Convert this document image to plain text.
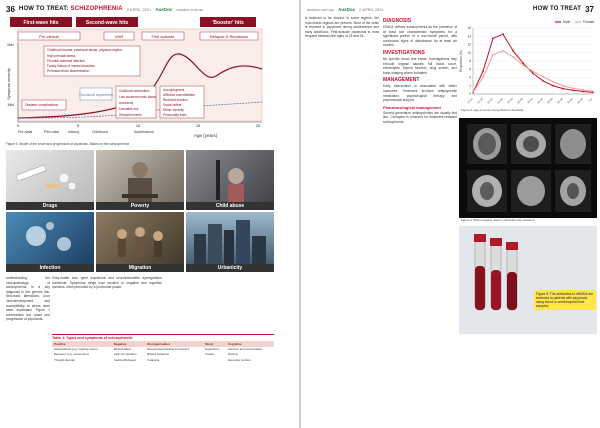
36 HOW TO TREAT: SCHIZOPHRENIA 2 APRIL 2021 AusDoc ausdoc.com.au
First-wave hits	Second-wave hits	'Booster' hits
Pre-clinical	UHR	First episode	Relapse & Remission
Symptom severity
Max
Mild
Childhood trauma, emotional abuse, physical neglect
High prenatal stress
Prenatal maternal infection
Family history of mental disorders
Perinatal ethnic discrimination
Obstetric complications
Functional impairment
Childhood adversities
Low socioeconomic status
Urbanicity
Cannabis use
Stressful events
Unemployment
Affective comorbidities
Reduced function
Social defeat
Ethnic minority
Personality traits
0	5	10	15	20
Pre-natal	Peri-natal	Infancy	Childhood	Adolescence
Age (years)
Figure 1: Model of the onset and progression of psychosis. Based on the schizophrenia
Drugs	Poverty	Child abuse
Infection	Migration	Urbanicity

understanding the neuropathology of schizophrenia in a key diagnosis is the genetic risk. Structural alterations, poor neurodevelopment and susceptibility to stress have been implicated. Figure 1 summarises the onset and progression of psychosis.

Grey-matter loss, gene expression and neurotransmitter dysregulation contribute. Symptoms range from positive to negative and cognitive domains, often preceded by a prodromal phase.

Table 1: Types and symptoms of schizophrenia
Positive	Negative	Disorganisation	Mood	Cognitive
Hallucinations (e.g. hearing voices)	Blunted affect	Disorganised thinking and speech	Depression	Attention and concentration
Delusions (e.g. persecutory)	Lack of motivation	Bizarre behaviour	Anxiety	Memory
Thought disorder	Social withdrawal	Catatonia		Executive function
ausdoc.com.au AusDoc 2 APRIL 2021	HOW TO TREAT 37

is believed to be shared. In some regions, the Indo-dravid regions are present. Most of the brain is involved in psychosis during adolescence and early adulthood. First-episode psychosis is most frequent between the ages of 15 and 25.

DIAGNOSIS

DSM-5 defines schizophrenia as the presence of at least two characteristic symptoms for a significant portion of a one-month period, with continuous signs of disturbance for at least six months.

INVESTIGATIONS

No specific blood test exists. Investigations help exclude organic causes: full blood count, electrolytes, thyroid function, drug screen, and brain imaging where indicated.

MANAGEMENT

Early intervention is associated with better outcomes. Treatment involves antipsychotic medication, psychological therapy and psychosocial support.

Pharmacological management

Second-generation antipsychotics are usually first line. Clozapine is reserved for treatment-resistant schizophrenia.

0
2
4
6
8
10
12
14
16
Proportion (%)
10-14 15-19 20-24 25-29 30-34 35-39 40-44 45-49 50-54 55-59 60-64 65-69 70+
Male	Female
Figure 3: Age of onset of psychosis in Australia
Figure 4: Brain imaging used in schizophrenia research
Figure 5: The antibodies to aNMDA are reviewed in patients with psychosis using blood or cerebrospinal fluid samples.
